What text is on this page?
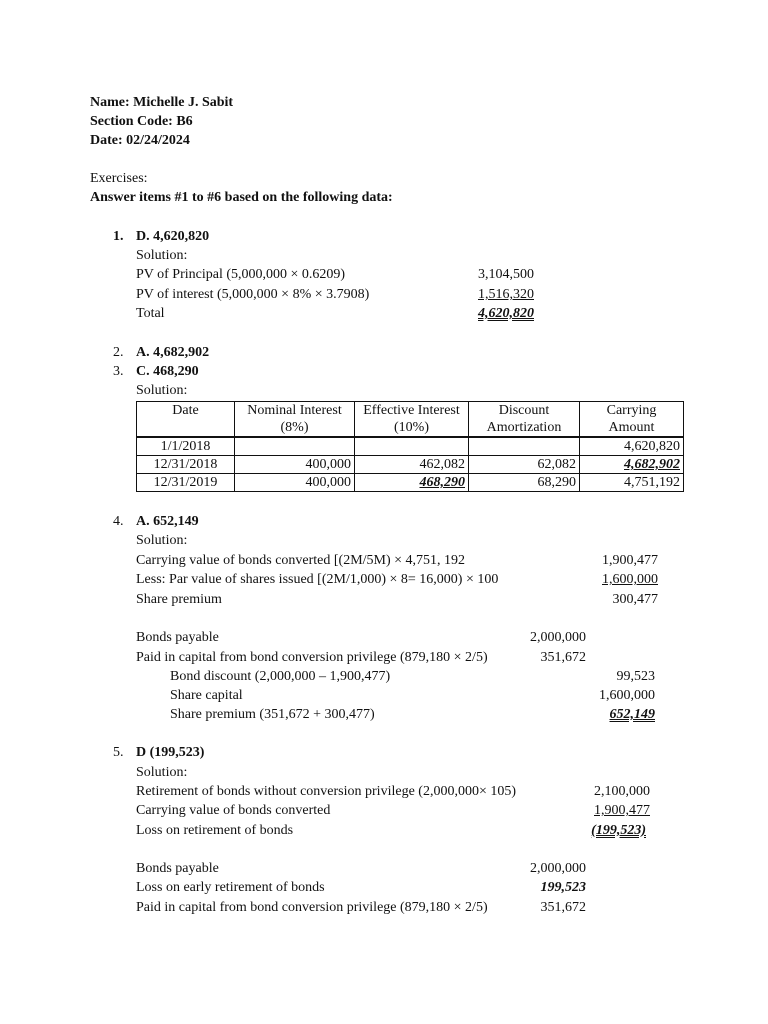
Name: Michelle J. Sabit
Section Code: B6
Date: 02/24/2024
Exercises:
Answer items #1 to #6 based on the following data:
1. D. 4,620,820
Solution:
PV of Principal (5,000,000 × 0.6209)	3,104,500
PV of interest (5,000,000 × 8% × 3.7908)	1,516,320
Total	4,620,820
2. A. 4,682,902
3. C. 468,290
Solution:
Date	Nominal Interest (8%)	Effective Interest (10%)	Discount Amortization	Carrying Amount
1/1/2018				4,620,820
12/31/2018	400,000	462,082	62,082	4,682,902
12/31/2019	400,000	468,290	68,290	4,751,192
4. A. 652,149
Solution:
Carrying value of bonds converted [(2M/5M) × 4,751, 192	1,900,477
Less: Par value of shares issued [(2M/1,000) × 8= 16,000) × 100	1,600,000
Share premium	300,477
Bonds payable	2,000,000
Paid in capital from bond conversion privilege (879,180 × 2/5)	351,672
Bond discount (2,000,000 – 1,900,477)	99,523
Share capital	1,600,000
Share premium (351,672 + 300,477)	652,149
5. D (199,523)
Solution:
Retirement of bonds without conversion privilege (2,000,000× 105)	2,100,000
Carrying value of bonds converted	1,900,477
Loss on retirement of bonds	(199,523)
Bonds payable	2,000,000
Loss on early retirement of bonds	199,523
Paid in capital from bond conversion privilege (879,180 × 2/5)	351,672
